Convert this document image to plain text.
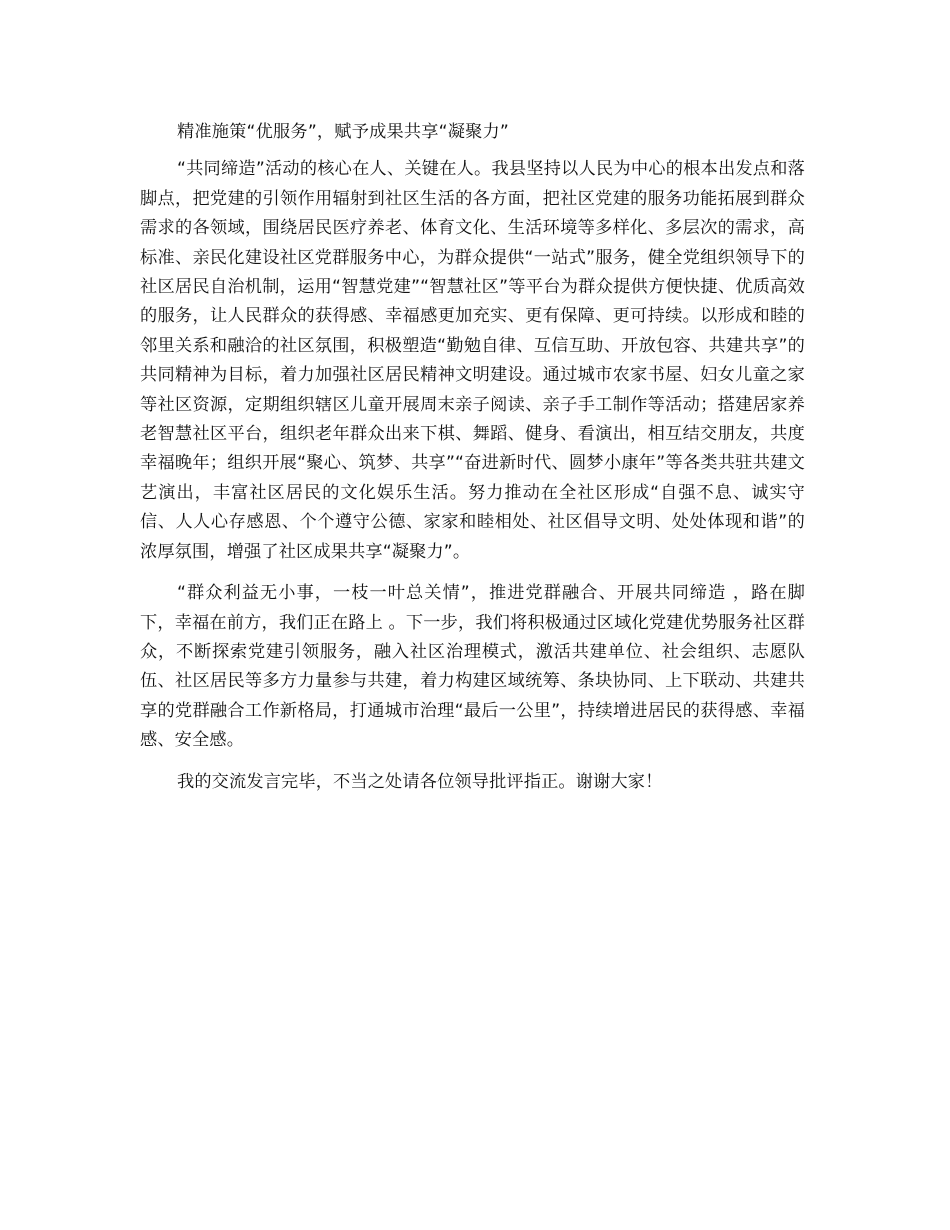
精准施策“优服务”，赋予成果共享“凝聚力”

“共同缔造”活动的核心在人、关键在人。我县坚持以人民为中心的根本出发点和落脚点，把党建的引领作用辐射到社区生活的各方面，把社区党建的服务功能拓展到群众需求的各领域，围绕居民医疗养老、体育文化、生活环境等多样化、多层次的需求，高标准、亲民化建设社区党群服务中心，为群众提供“一站式”服务，健全党组织领导下的社区居民自治机制，运用“智慧党建”“智慧社区”等平台为群众提供方便快捷、优质高效的服务，让人民群众的获得感、幸福感更加充实、更有保障、更可持续。以形成和睦的邻里关系和融洽的社区氛围，积极塑造“勤勉自律、互信互助、开放包容、共建共享”的共同精神为目标，着力加强社区居民精神文明建设。通过城市农家书屋、妇女儿童之家等社区资源，定期组织辖区儿童开展周末亲子阅读、亲子手工制作等活动；搭建居家养老智慧社区平台，组织老年群众出来下棋、舞蹈、健身、看演出，相互结交朋友，共度幸福晚年；组织开展“聚心、筑梦、共享”“奋进新时代、圆梦小康年”等各类共驻共建文艺演出，丰富社区居民的文化娱乐生活。努力推动在全社区形成“自强不息、诚实守信、人人心存感恩、个个遵守公德、家家和睦相处、社区倡导文明、处处体现和谐”的浓厚氛围，增强了社区成果共享“凝聚力”。

“群众利益无小事，一枝一叶总关情”，推进党群融合、开展共同缔造 ，路在脚下，幸福在前方，我们正在路上 。下一步，我们将积极通过区域化党建优势服务社区群众，不断探索党建引领服务，融入社区治理模式，激活共建单位、社会组织、志愿队伍、社区居民等多方力量参与共建，着力构建区域统筹、条块协同、上下联动、共建共享的党群融合工作新格局，打通城市治理“最后一公里”，持续增进居民的获得感、幸福感、安全感。

我的交流发言完毕，不当之处请各位领导批评指正。谢谢大家！
